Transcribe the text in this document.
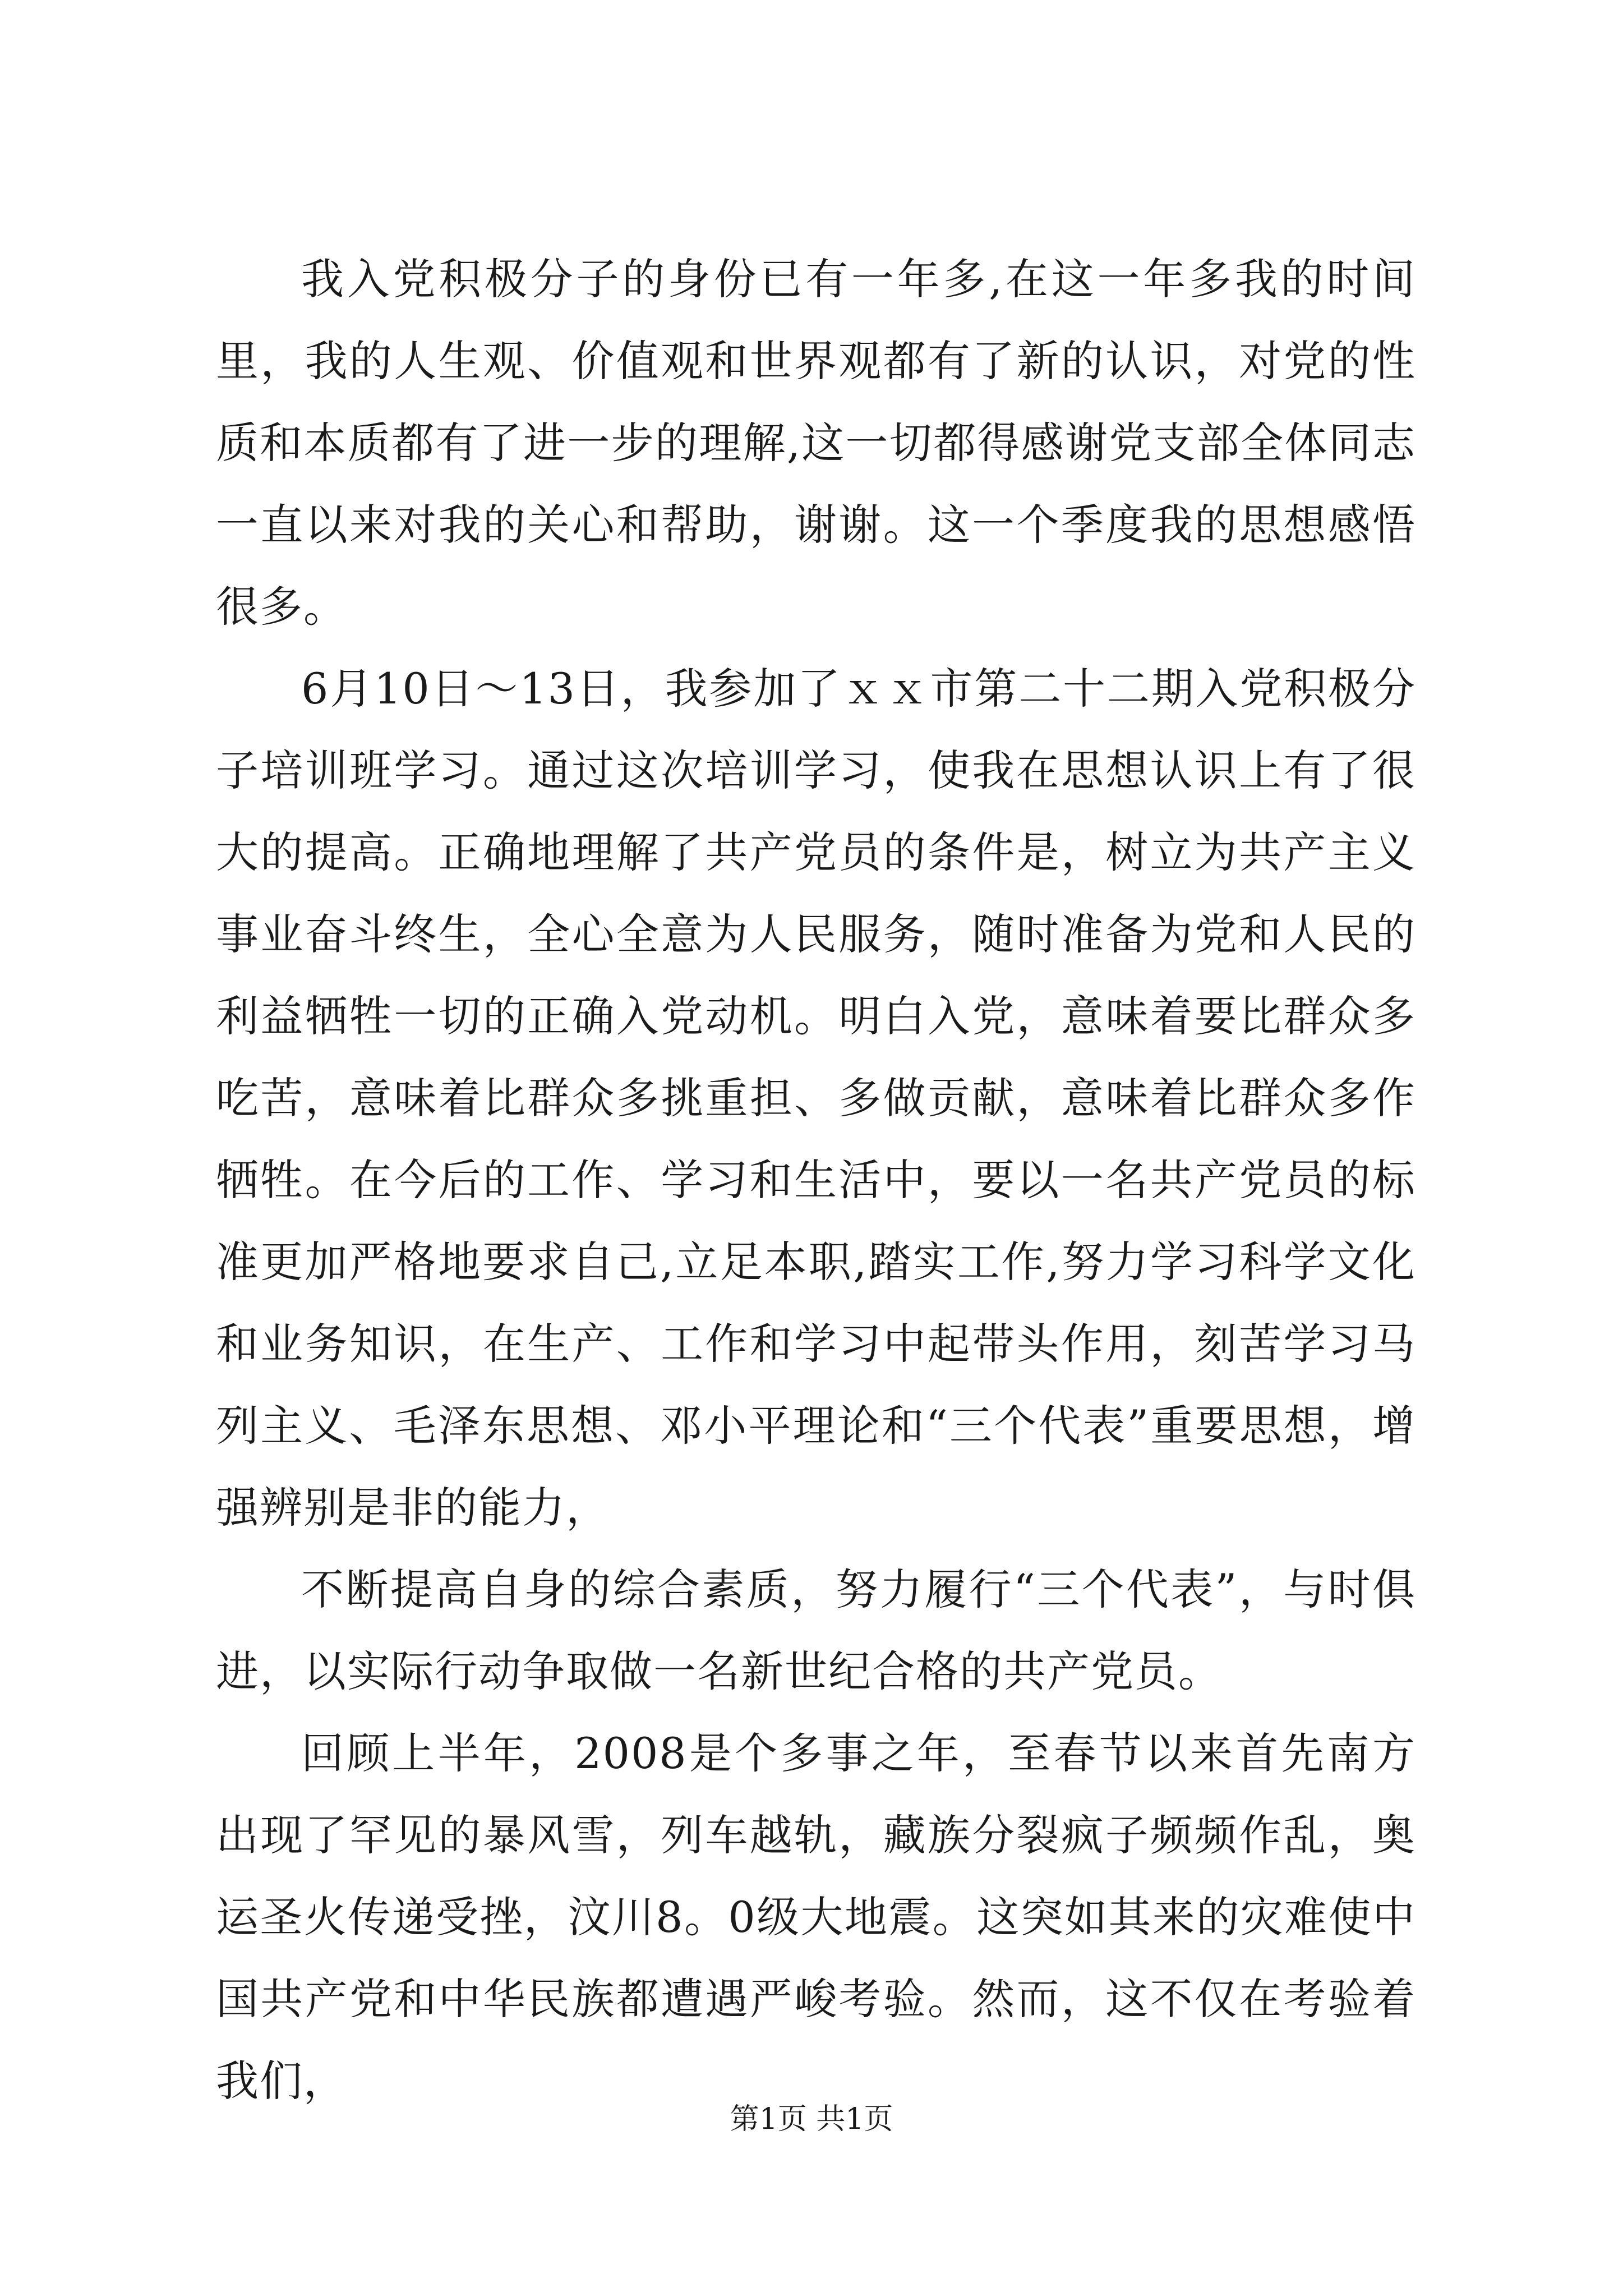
我入党积极分子的身份已有一年多,在这一年多我的时间里，我的人生观、价值观和世界观都有了新的认识，对党的性质和本质都有了进一步的理解,这一切都得感谢党支部全体同志一直以来对我的关心和帮助，谢谢。这一个季度我的思想感悟很多。

6月10日～13日，我参加了ｘｘ市第二十二期入党积极分子培训班学习。通过这次培训学习，使我在思想认识上有了很大的提高。正确地理解了共产党员的条件是，树立为共产主义事业奋斗终生，全心全意为人民服务，随时准备为党和人民的利益牺牲一切的正确入党动机。明白入党，意味着要比群众多吃苦，意味着比群众多挑重担、多做贡献，意味着比群众多作牺牲。在今后的工作、学习和生活中，要以一名共产党员的标准更加严格地要求自己,立足本职,踏实工作,努力学习科学文化和业务知识，在生产、工作和学习中起带头作用，刻苦学习马列主义、毛泽东思想、邓小平理论和“三个代表”重要思想，增强辨别是非的能力，

不断提高自身的综合素质，努力履行“三个代表”，与时俱进，以实际行动争取做一名新世纪合格的共产党员。

回顾上半年，2008是个多事之年，至春节以来首先南方出现了罕见的暴风雪，列车越轨，藏族分裂疯子频频作乱，奥运圣火传递受挫，汶川8。0级大地震。这突如其来的灾难使中国共产党和中华民族都遭遇严峻考验。然而，这不仅在考验着我们，

第1页 共1页
